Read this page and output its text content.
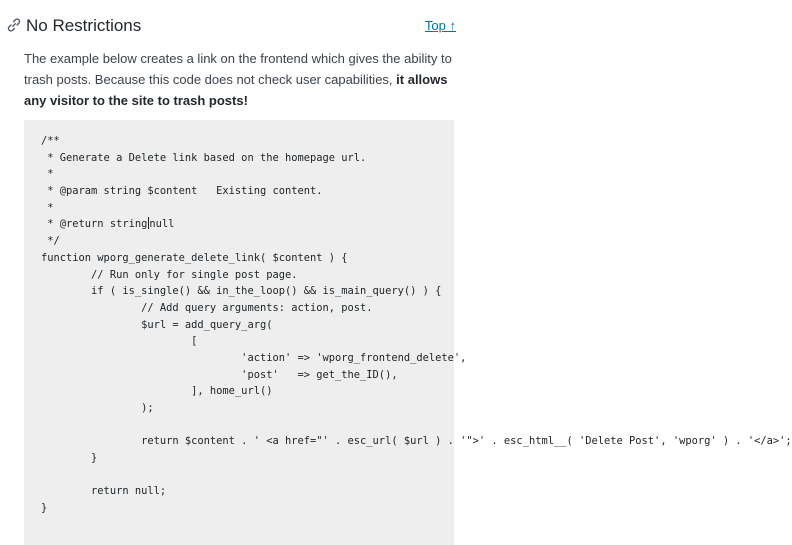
No Restrictions	Top ↑

The example below creates a link on the frontend which gives the ability to trash posts. Because this code does not check user capabilities, it allows any visitor to the site to trash posts!

/**
* Generate a Delete link based on the homepage url.
*
* @param string $content   Existing content.
*
* @return string null
*/
function wporg_generate_delete_link( $content ) {
// Run only for single post page.
if ( is_single() && in_the_loop() && is_main_query() ) {
// Add query arguments: action, post.
$url = add_query_arg(
[
'action' => 'wporg_frontend_delete',
'post'   => get_the_ID(),
], home_url()
);

return $content . ' <a href="' . esc_url( $url ) . '">' . esc_html__( 'Delete Post', 'wporg' ) . '</a>';
}

return null;
}
